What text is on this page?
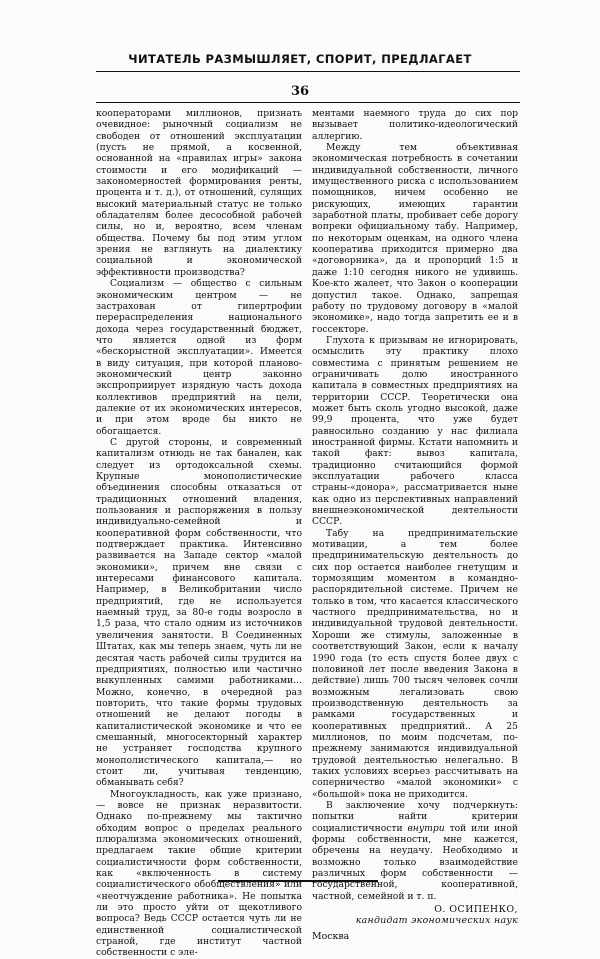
ЧИТАТЕЛЬ РАЗМЫШЛЯЕТ, СПОРИТ, ПРЕДЛАГАЕТ
36

кооператорами миллионов, признать очевидное: рыночный социализм не свободен от отношений эксплуатации (пусть не прямой, а косвенной, основанной на «правилах игры» закона стоимости и его модификаций — закономерностей формирования ренты, процента и т. д.), от отношений, сулящих высокий материальный статус не только обладателям более десособной рабочей силы, но и, вероятно, всем членам общества. Почему бы под этим углом зрения не взглянуть на диалектику социальной и экономической эффективности производства?

Социализм — общество с сильным экономическим центром — не застрахован от гипертрофии перераспределения национального дохода через государственный бюджет, что является одной из форм «бескорыстной эксплуатации». Имеется в виду ситуация, при которой планово-экономический центр законно экспроприирует изрядную часть дохода коллективов предприятий на цели, далекие от их экономических интересов, и при этом вроде бы никто не обогащается.

С другой стороны, и современный капитализм отнюдь не так банален, как следует из ортодоксальной схемы. Крупные монополистические объединения способны отказаться от традиционных отношений владения, пользования и распоряжения в пользу индивидуально-семейной и кооперативной форм собственности, что подтверждает практика. Интенсивно развивается на Западе сектор «малой экономики», причем вне связи с интересами финансового капитала. Например, в Великобритании число предприятий, где не используется наемный труд, за 80-е годы возросло в 1,5 раза, что стало одним из источников увеличения занятости. В Соединенных Штатах, как мы теперь знаем, чуть ли не десятая часть рабочей силы трудится на предприятиях, полностью или частично выкупленных самими работниками... Можно, конечно, в очередной раз повторить, что такие формы трудовых отношений не делают погоды в капиталистической экономике и что ее смешанный, многосекторный характер не устраняет господства крупного монополистического капитала,— но стоит ли, учитывая тенденцию, обманывать себя?

Многоукладность, как уже признано,— вовсе не признак неразвитости. Однако по-прежнему мы тактично обходим вопрос о пределах реального плюрализма экономических отношений, предлагаем такие общие критерии социалистичности форм собственности, как «включенность в систему социалистического обобществления» или «неотчуждение работника». Не попытка ли это просто уйти от щекотливого вопроса? Ведь СССР остается чуть ли не единственной социалистической страной, где институт частной собственности с эле-

ментами наемного труда до сих пор вызывает политико-идеологический аллергию.

Между тем объективная экономическая потребность в сочетании индивидуальной собственности, личного имущественного риска с использованием помощников, ничем особенно не рискующих, имеющих гарантии заработной платы, пробивает себе дорогу вопреки официальному табу. Например, по некоторым оценкам, на одного члена кооператива приходится примерно два «договорника», да и пропорций 1:5 и даже 1:10 сегодня никого не удивишь. Кое-кто жалеет, что Закон о кооперации допустил такое. Однако, запрещая работу по трудовому договору в «малой экономике», надо тогда запретить ее и в госсекторе.

Глухота к призывам не игнорировать, осмыслить эту практику плохо совместима с принятым решением не ограничивать долю иностранного капитала в совместных предприятиях на территории СССР. Теоретически она может быть сколь угодно высокой, даже 99,9 процента, что уже будет равносильно созданию у нас филиала иностранной фирмы. Кстати напомнить и такой факт: вывоз капитала, традиционно считающийся формой эксплуатации рабочего класса страны-«донора», рассматривается ныне как одно из перспективных направлений внешнеэкономической деятельности СССР.

Табу на предпринимательские мотивации, а тем более предпринимательскую деятельность до сих пор остается наиболее гнетущим и тормозящим моментом в командно-распорядительной системе. Причем не только в том, что касается классического частного предпринимательства, но и индивидуальной трудовой деятельности. Хороши же стимулы, заложенные в соответствующий Закон, если к началу 1990 года (то есть спустя более двух с половиной лет после введения Закона в действие) лишь 700 тысяч человек сочли возможным легализовать свою производственную деятельность за рамками государственных и кооперативных предприятий.. А 25 миллионов, по моим подсчетам, по-прежнему занимаются индивидуальной трудовой деятельностью нелегально. В таких условиях всерьез рассчитывать на соперничество «малой экономики» с «большой» пока не приходится.

В заключение хочу подчеркнуть: попытки найти критерии социалистичности внутри той или иной формы собственности, мне кажется, обречены на неудачу. Необходимо и возможно только взаимодействие различных форм собственности — государственной, кооперативной, частной, семейной и т. п.

О. ОСИПЕНКО,
кандидат экономических наук
Москва
